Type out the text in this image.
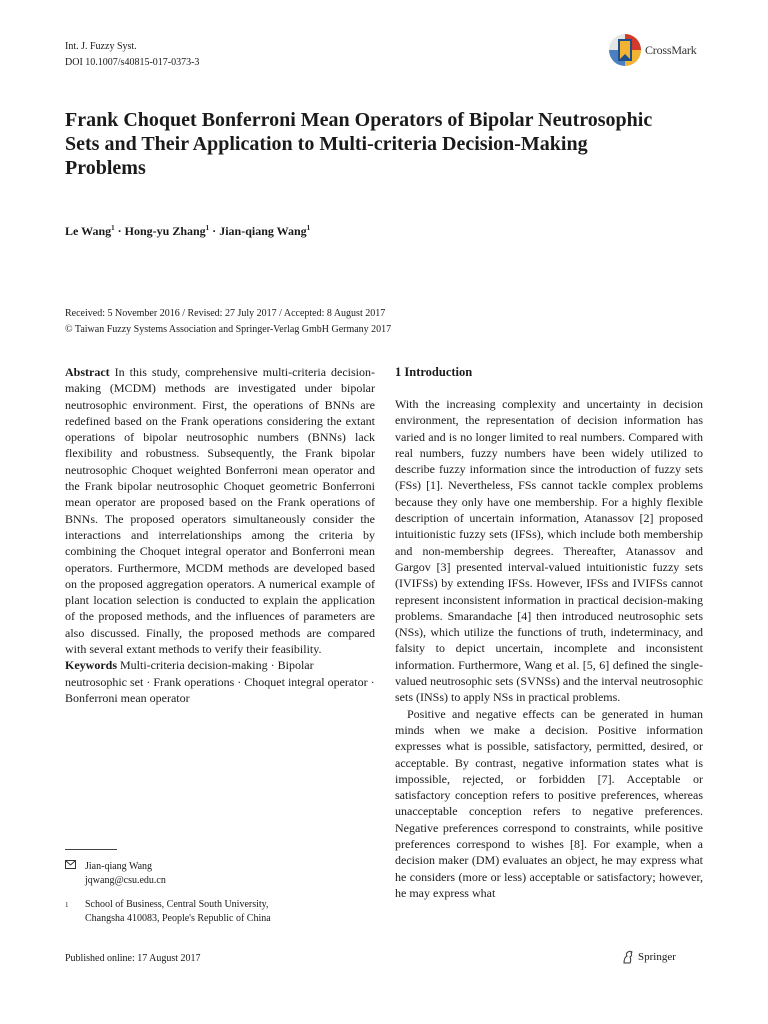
Int. J. Fuzzy Syst.
DOI 10.1007/s40815-017-0373-3
CrossMark
Frank Choquet Bonferroni Mean Operators of Bipolar Neutrosophic Sets and Their Application to Multi-criteria Decision-Making Problems
Le Wang$^1$ · Hong-yu Zhang$^1$ · Jian-qiang Wang$^1$
Received: 5 November 2016 / Revised: 27 July 2017 / Accepted: 8 August 2017
© Taiwan Fuzzy Systems Association and Springer-Verlag GmbH Germany 2017

Abstract In this study, comprehensive multi-criteria decision-making (MCDM) methods are investigated under bipolar neutrosophic environment. First, the operations of BNNs are redefined based on the Frank operations considering the extant operations of bipolar neutrosophic numbers (BNNs) lack flexibility and robustness. Subsequently, the Frank bipolar neutrosophic Choquet weighted Bonferroni mean operator and the Frank bipolar neutrosophic Choquet geometric Bonferroni mean operator are proposed based on the Frank operations of BNNs. The proposed operators simultaneously consider the interactions and interrelationships among the criteria by combining the Choquet integral operator and Bonferroni mean operators. Furthermore, MCDM methods are developed based on the proposed aggregation operators. A numerical example of plant location selection is conducted to explain the application of the proposed methods, and the influences of parameters are also discussed. Finally, the proposed methods are compared with several extant methods to verify their feasibility.

Keywords Multi-criteria decision-making · Bipolar neutrosophic set · Frank operations · Choquet integral operator · Bonferroni mean operator

Jian-qiang Wang
jqwang@csu.edu.cn
1 School of Business, Central South University,
Changsha 410083, People's Republic of China
1 Introduction

With the increasing complexity and uncertainty in decision environment, the representation of decision information has varied and is no longer limited to real numbers. Compared with real numbers, fuzzy numbers have been widely utilized to describe fuzzy information since the introduction of fuzzy sets (FSs) [1]. Nevertheless, FSs cannot tackle complex problems because they only have one membership. For a highly flexible description of uncertain information, Atanassov [2] proposed intuitionistic fuzzy sets (IFSs), which include both membership and non-membership degrees. Thereafter, Atanassov and Gargov [3] presented interval-valued intuitionistic fuzzy sets (IVIFSs) by extending IFSs. However, IFSs and IVIFSs cannot represent inconsistent information in practical decision-making problems. Smarandache [4] then introduced neutrosophic sets (NSs), which utilize the functions of truth, indeterminacy, and falsity to depict uncertain, incomplete and inconsistent information. Furthermore, Wang et al. [5, 6] defined the single-valued neutrosophic sets (SVNSs) and the interval neutrosophic sets (INSs) to apply NSs in practical problems.

Positive and negative effects can be generated in human minds when we make a decision. Positive information expresses what is possible, satisfactory, permitted, desired, or acceptable. By contrast, negative information states what is impossible, rejected, or forbidden [7]. Acceptable or satisfactory conception refers to positive preferences, whereas unacceptable conception refers to negative preferences. Negative preferences correspond to constraints, while positive preferences correspond to wishes [8]. For example, when a decision maker (DM) evaluates an object, he may express what he considers (more or less) acceptable or satisfactory; however, he may express what

Published online: 17 August 2017	Springer
